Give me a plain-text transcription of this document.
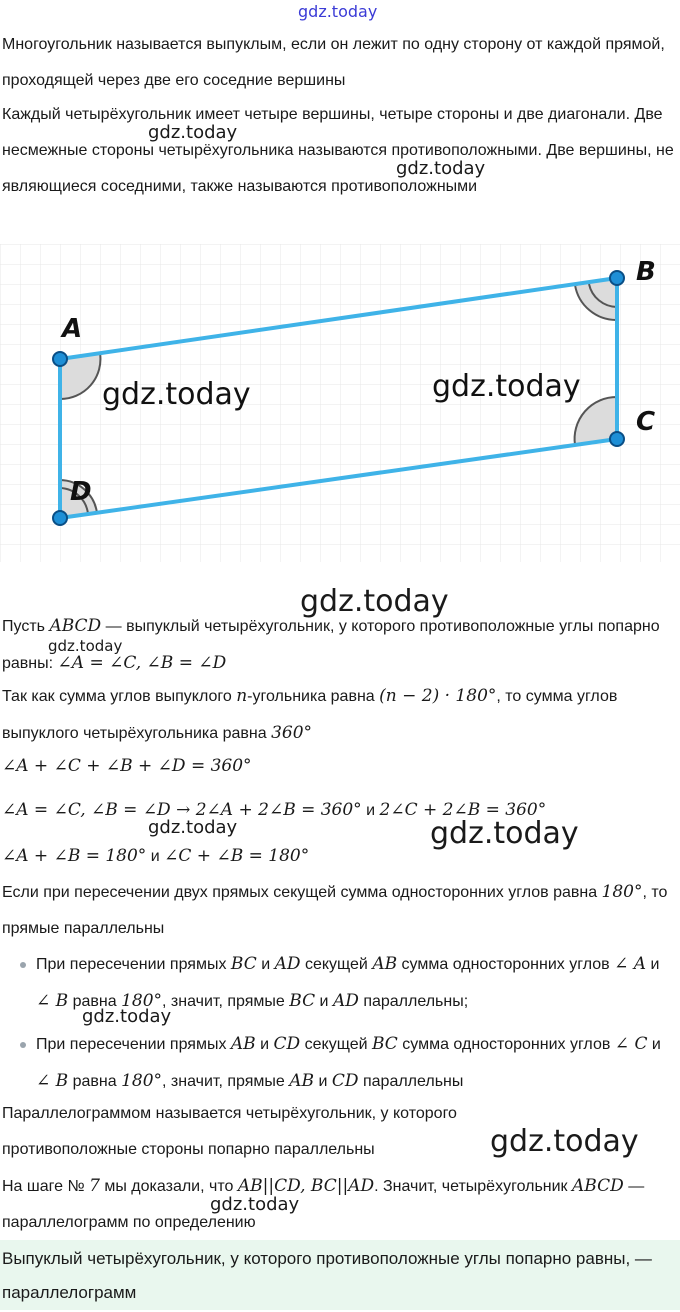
gdz.today

Многоугольник называется выпуклым, если он лежит по одну сторону от каждой прямой, проходящей через две его соседние вершины

Каждый четырёхугольник имеет четыре вершины, четыре стороны и две диагонали. Две несмежные стороны четырёхугольника называются противоположными. Две вершины, не являющиеся соседними, также называются противоположными

gdz.today
gdz.today
A
B
C
D
gdz.today	gdz.today
gdz.today

Пусть ABCD — выпуклый четырёхугольник, у которого противоположные углы попарно равны: ∠A = ∠C, ∠B = ∠D

gdz.today

Так как сумма углов выпуклого n-угольника равна (n − 2) · 180°, то сумма углов выпуклого четырёхугольника равна 360°

∠A + ∠C + ∠B + ∠D = 360°

∠A = ∠C, ∠B = ∠D → 2∠A + 2∠B = 360° и 2∠C + 2∠B = 360°

gdz.today	gdz.today

∠A + ∠B = 180° и ∠C + ∠B = 180°

Если при пересечении двух прямых секущей сумма односторонних углов равна 180°, то прямые параллельны

При пересечении прямых BC и AD секущей AB сумма односторонних углов ∠ A и ∠ B равна 180°, значит, прямые BC и AD параллельны;

gdz.today

При пересечении прямых AB и CD секущей BC сумма односторонних углов ∠ C и ∠ B равна 180°, значит, прямые AB и CD параллельны

Параллелограммом называется четырёхугольник, у которого противоположные стороны попарно параллельны	gdz.today

На шаге № 7 мы доказали, что AB||CD, BC||AD. Значит, четырёхугольник ABCD — параллелограмм по определению

gdz.today

Выпуклый четырёхугольник, у которого противоположные углы попарно равны, — параллелограмм
